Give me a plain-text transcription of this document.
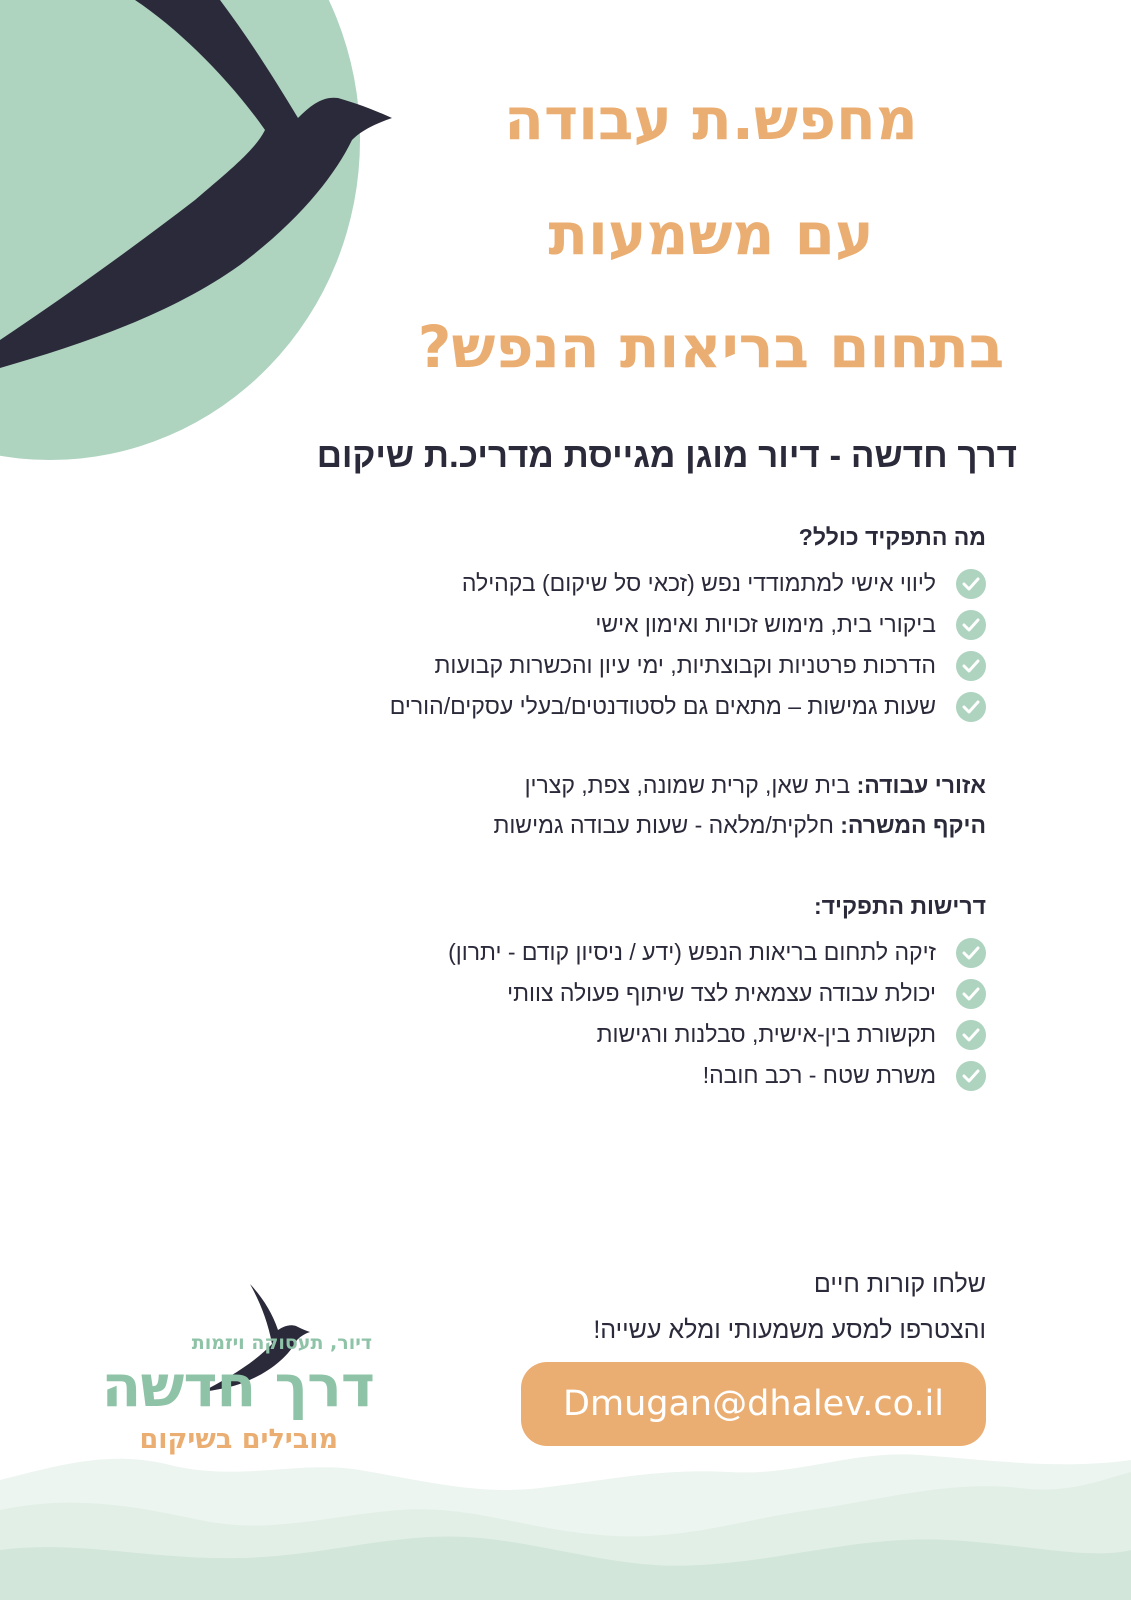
מחפש.ת עבודה
עם משמעות
בתחום בריאות הנפש?
דרך חדשה - דיור מוגן מגייסת מדריכ.ת שיקום
מה התפקיד כולל?
ליווי אישי למתמודדי נפש (זכאי סל שיקום) בקהילה
ביקורי בית, מימוש זכויות ואימון אישי
הדרכות פרטניות וקבוצתיות, ימי עיון והכשרות קבועות
שעות גמישות – מתאים גם לסטודנטים/בעלי עסקים/הורים

אזורי עבודה: בית שאן, קרית שמונה, צפת, קצרין

היקף המשרה: חלקית/מלאה - שעות עבודה גמישות

דרישות התפקיד:
זיקה לתחום בריאות הנפש (ידע / ניסיון קודם - יתרון)
יכולת עבודה עצמאית לצד שיתוף פעולה צוותי
תקשורת בין-אישית, סבלנות ורגישות
משרת שטח - רכב חובה!

שלחו קורות חיים

והצטרפו למסע משמעותי ומלא עשייה!

Dmugan@dhalev.co.il

דיור, תעסוקה ויזמות

דרך חדשה

מובילים בשיקום
